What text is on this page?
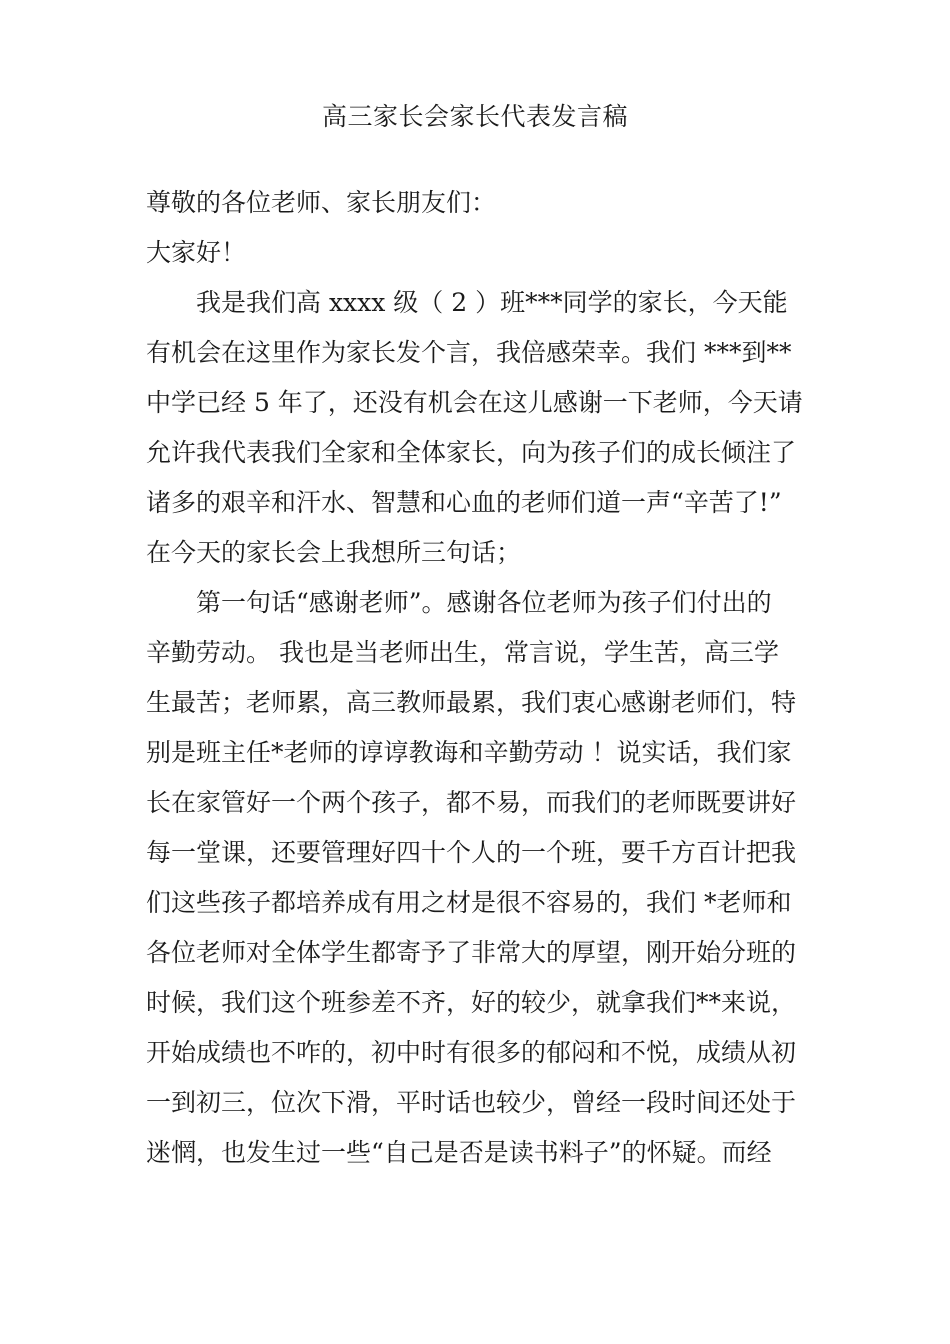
高三家长会家长代表发言稿
尊敬的各位老师、家长朋友们：
大家好！
我是我们高 xxxx 级（ 2 ）班***同学的家长，今天能
有机会在这里作为家长发个言，我倍感荣幸。我们 ***到**
中学已经 5 年了，还没有机会在这儿感谢一下老师，今天请
允许我代表我们全家和全体家长，向为孩子们的成长倾注了
诸多的艰辛和汗水、智慧和心血的老师们道一声“辛苦了!”
在今天的家长会上我想所三句话；
第一句话“感谢老师”。感谢各位老师为孩子们付出的
辛勤劳动。 我也是当老师出生，常言说，学生苦，高三学
生最苦；老师累，高三教师最累，我们衷心感谢老师们，特
别是班主任*老师的谆谆教诲和辛勤劳动 ！说实话，我们家
长在家管好一个两个孩子，都不易，而我们的老师既要讲好
每一堂课，还要管理好四十个人的一个班，要千方百计把我
们这些孩子都培养成有用之材是很不容易的，我们 *老师和
各位老师对全体学生都寄予了非常大的厚望，刚开始分班的
时候，我们这个班参差不齐，好的较少，就拿我们**来说，
开始成绩也不咋的，初中时有很多的郁闷和不悦，成绩从初
一到初三，位次下滑，平时话也较少，曾经一段时间还处于
迷惘，也发生过一些“自己是否是读书料子”的怀疑。而经
